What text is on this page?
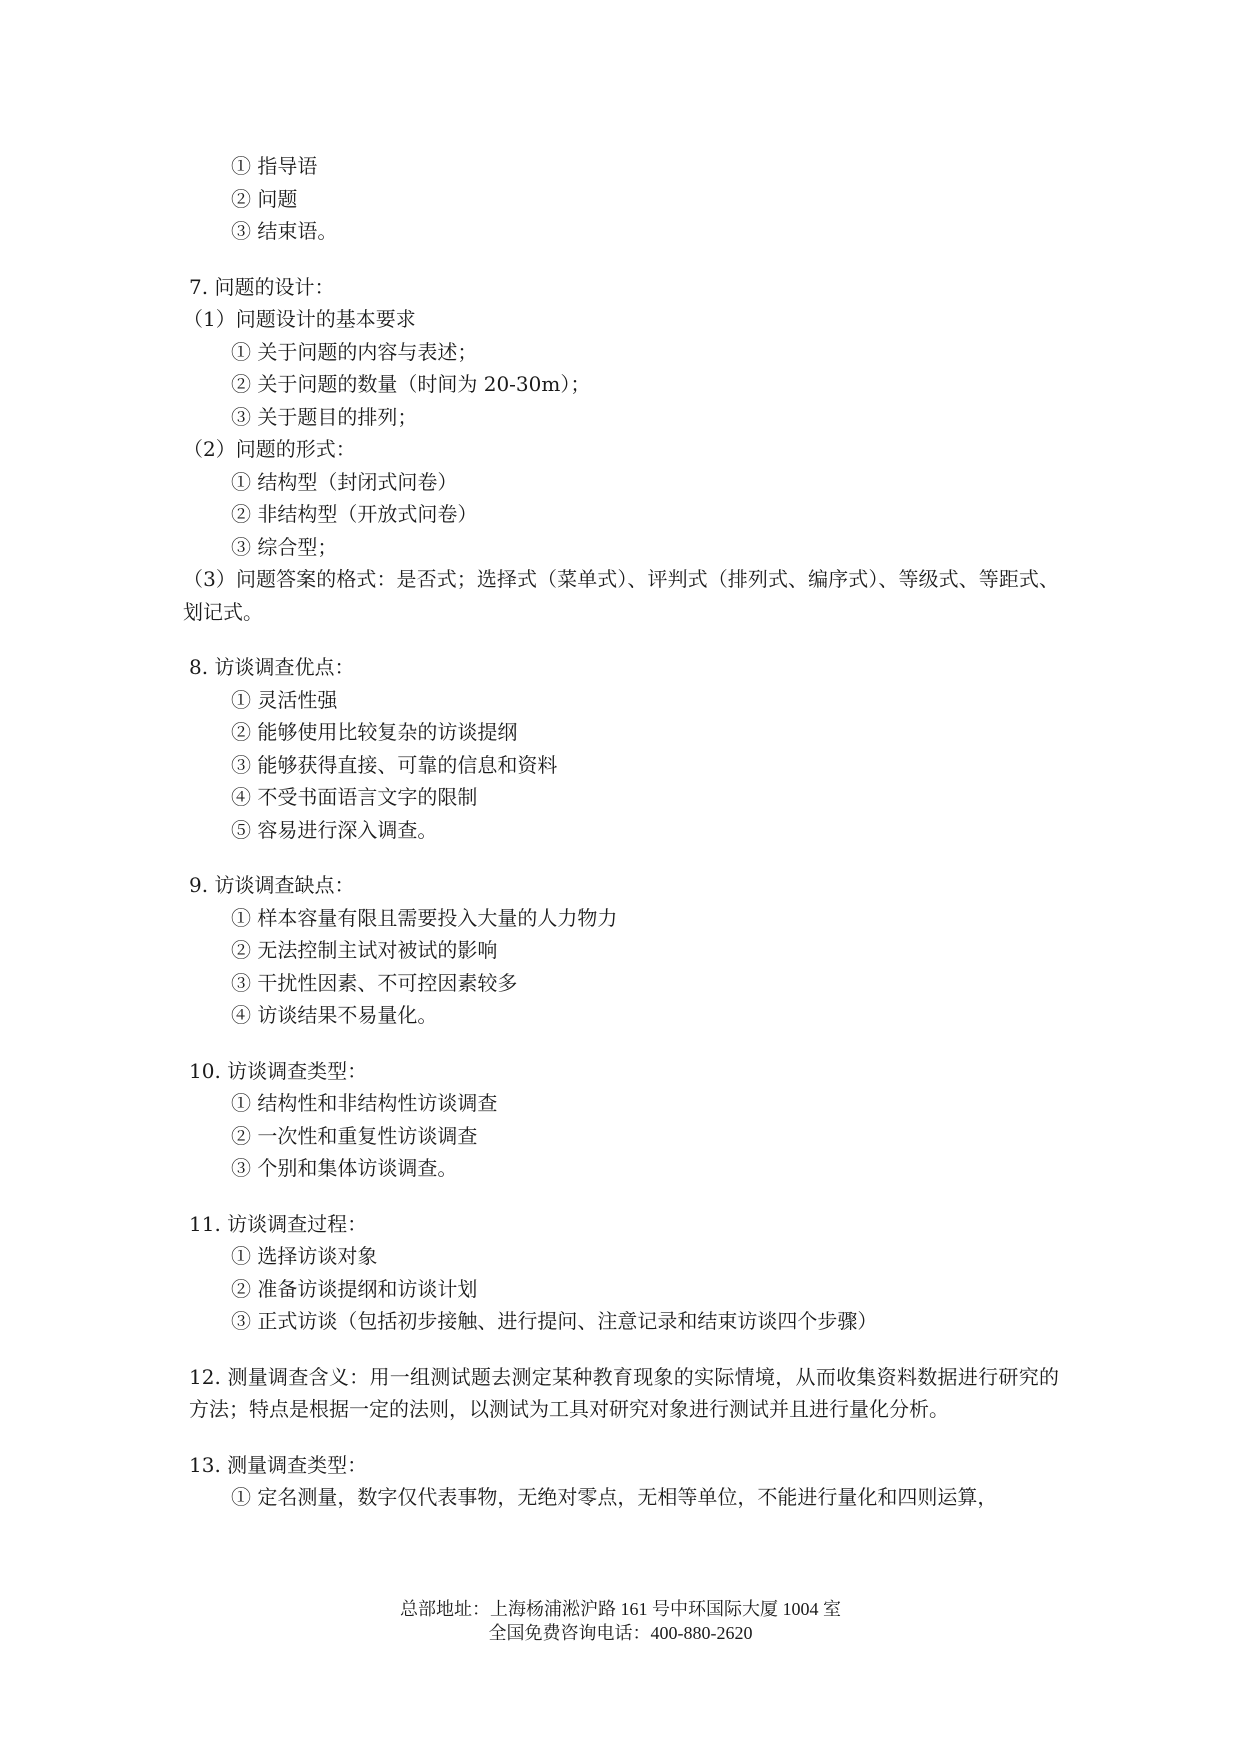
① 指导语
② 问题
③ 结束语。
7. 问题的设计：
（1）问题设计的基本要求
① 关于问题的内容与表述；
② 关于问题的数量（时间为 20-30m）；
③ 关于题目的排列；
（2）问题的形式：
① 结构型（封闭式问卷）
② 非结构型（开放式问卷）
③ 综合型；
（3）问题答案的格式：是否式；选择式（菜单式）、评判式（排列式、编序式）、等级式、等距式、划记式。
8. 访谈调查优点：
① 灵活性强
② 能够使用比较复杂的访谈提纲
③ 能够获得直接、可靠的信息和资料
④ 不受书面语言文字的限制
⑤ 容易进行深入调查。
9. 访谈调查缺点：
① 样本容量有限且需要投入大量的人力物力
② 无法控制主试对被试的影响
③ 干扰性因素、不可控因素较多
④ 访谈结果不易量化。
10. 访谈调查类型：
① 结构性和非结构性访谈调查
② 一次性和重复性访谈调查
③ 个别和集体访谈调查。
11. 访谈调查过程：
① 选择访谈对象
② 准备访谈提纲和访谈计划
③ 正式访谈（包括初步接触、进行提问、注意记录和结束访谈四个步骤）
12. 测量调查含义：用一组测试题去测定某种教育现象的实际情境，从而收集资料数据进行研究的方法；特点是根据一定的法则，以测试为工具对研究对象进行测试并且进行量化分析。
13. 测量调查类型：
① 定名测量，数字仅代表事物，无绝对零点，无相等单位，不能进行量化和四则运算，
总部地址：上海杨浦淞沪路 161 号中环国际大厦 1004 室
全国免费咨询电话：400-880-2620
